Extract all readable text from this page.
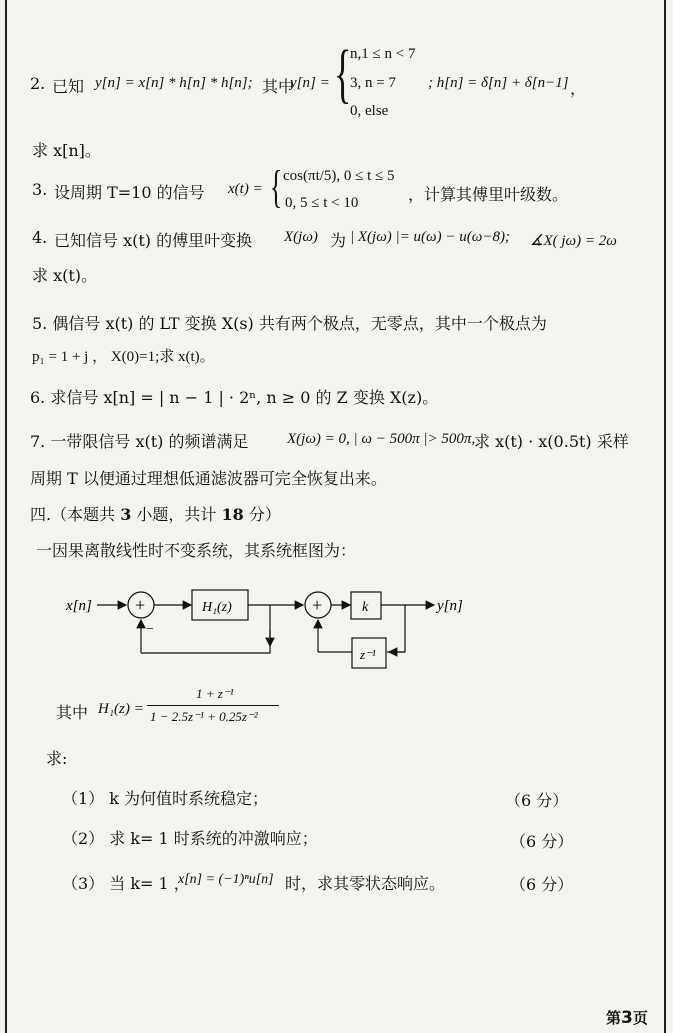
2. 已知 y[n] = x[n] * h[n] * h[n]; 其中
y[n] = {
n,1 ≤ n < 7
3, n = 7
0, else
; h[n] = δ[n] + δ[n−1] ，
求 x[n]。
3. 设周期 T=10 的信号 x(t) = { cos(πt/5), 0 ≤ t ≤ 5
0, 5 ≤ t < 10	，计算其傅里叶级数。
4. 已知信号 x(t) 的傅里叶变换 X(jω) 为 | X(jω) |= u(ω) − u(ω−8); ∡X( jω) = 2ω
求 x(t)。
5. 偶信号 x(t) 的 LT 变换 X(s) 共有两个极点，无零点，其中一个极点为
p₁ = 1 + j ， X(0)=1;求 x(t)。
6. 求信号 x[n] = | n − 1 | · 2ⁿ, n ≥ 0 的 Z 变换 X(z)。
7. 一带限信号 x(t) 的频谱满足	X(jω) = 0, | ω − 500π |> 500π,
求 x(t) · x(0.5t) 采样
周期 T 以便通过理想低通滤波器可完全恢复出来。
四.（本题共 3 小题，共计 18 分）
一因果离散线性时不变系统，其系统框图为：
x[n] +
−
H₁(z)	+	k	y[n]
z⁻¹
其中 H₁(z) =
1 + z⁻¹
1 − 2.5z⁻¹ + 0.25z⁻²
求:
（1） k 为何值时系统稳定；	（6 分）
（2） 求 k= 1 时系统的冲激响应；	（6 分）
（3） 当 k= 1 ，
x[n] = (−1)ⁿu[n] 时，求其零状态响应。	（6 分）
第3页
